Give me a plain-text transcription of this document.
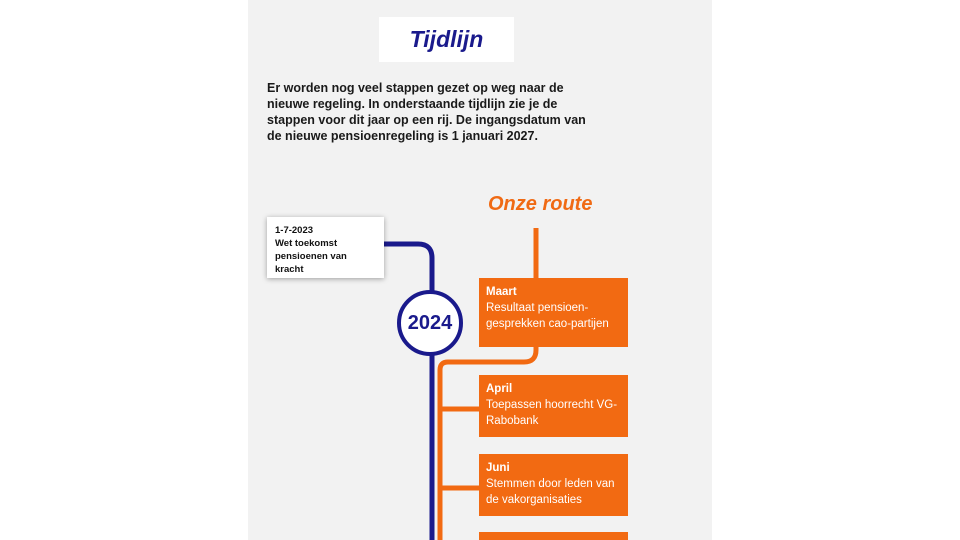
Tijdlijn
Er worden nog veel stappen gezet op weg naar de nieuwe regeling. In onderstaande tijdlijn zie je de stappen voor dit jaar op een rij. De ingangsdatum van de nieuwe pensioenregeling is 1 januari 2027.
Onze route
1-7-2023
Wet toekomst pensioenen van kracht
2024
Maart
Resultaat pensioen-gesprekken cao-partijen
April
Toepassen hoorrecht VG-Rabobank
Juni
Stemmen door leden van de vakorganisaties
